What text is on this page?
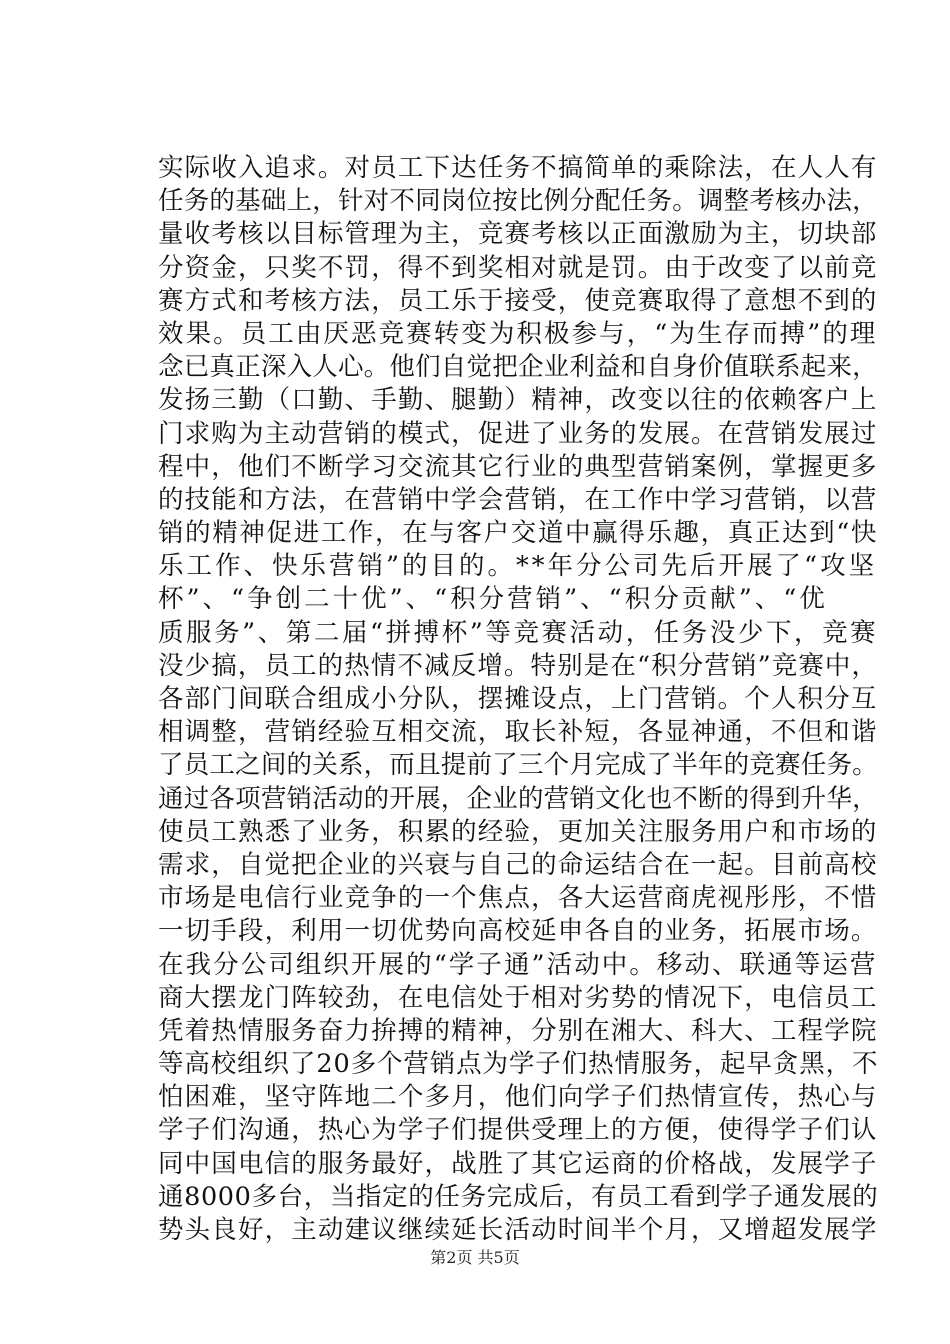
实际收入追求。对员工下达任务不搞简单的乘除法，在人人有
任务的基础上，针对不同岗位按比例分配任务。调整考核办法，
量收考核以目标管理为主，竞赛考核以正面激励为主，切块部
分资金，只奖不罚，得不到奖相对就是罚。由于改变了以前竞
赛方式和考核方法，员工乐于接受，使竞赛取得了意想不到的
效果。员工由厌恶竞赛转变为积极参与，“为生存而搏”的理
念已真正深入人心。他们自觉把企业利益和自身价值联系起来，
发扬三勤（口勤、手勤、腿勤）精神，改变以往的依赖客户上
门求购为主动营销的模式，促进了业务的发展。在营销发展过
程中，他们不断学习交流其它行业的典型营销案例，掌握更多
的技能和方法，在营销中学会营销，在工作中学习营销，以营
销的精神促进工作，在与客户交道中赢得乐趣，真正达到“快
乐工作、快乐营销”的目的。**年分公司先后开展了“攻坚
杯”、“争创二十优”、“积分营销”、“积分贡献”、“优
质服务”、第二届“拼搏杯”等竞赛活动，任务没少下，竞赛
没少搞，员工的热情不减反增。特别是在“积分营销”竞赛中，
各部门间联合组成小分队，摆摊设点，上门营销。个人积分互
相调整，营销经验互相交流，取长补短，各显神通，不但和谐
了员工之间的关系，而且提前了三个月完成了半年的竞赛任务。
通过各项营销活动的开展，企业的营销文化也不断的得到升华，
使员工熟悉了业务，积累的经验，更加关注服务用户和市场的
需求，自觉把企业的兴衰与自己的命运结合在一起。目前高校
市场是电信行业竞争的一个焦点，各大运营商虎视彤彤，不惜
一切手段，利用一切优势向高校延申各自的业务，拓展市场。
在我分公司组织开展的“学子通”活动中。移动、联通等运营
商大摆龙门阵较劲，在电信处于相对劣势的情况下，电信员工
凭着热情服务奋力拚搏的精神，分别在湘大、科大、工程学院
等高校组织了20多个营销点为学子们热情服务，起早贪黑，不
怕困难，坚守阵地二个多月，他们向学子们热情宣传，热心与
学子们沟通，热心为学子们提供受理上的方便，使得学子们认
同中国电信的服务最好，战胜了其它运商的价格战，发展学子
通8000多台，当指定的任务完成后，有员工看到学子通发展的
势头良好，主动建议继续延长活动时间半个月，又增超发展学
第2页 共5页
